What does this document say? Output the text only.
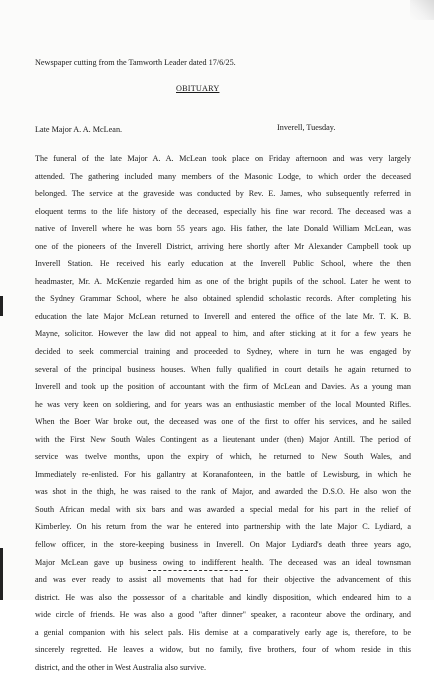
Newspaper cutting from the Tamworth Leader dated 17/6/25.
OBITUARY
Late Major A. A. McLean.	Inverell, Tuesday.
The funeral of the late Major A. A. McLean took place on Friday afternoon and was very largely
attended. The gathering included many members of the Masonic Lodge, to which order the deceased
belonged. The service at the graveside was conducted by Rev. E. James, who subsequently referred in
eloquent terms to the life history of the deceased, especially his fine war record. The deceased was a
native of Inverell where he was born 55 years ago. His father, the late Donald William McLean, was
one of the pioneers of the Inverell District, arriving here shortly after Mr Alexander Campbell took up
Inverell Station. He received his early education at the Inverell Public School, where the then
headmaster, Mr. A. McKenzie regarded him as one of the bright pupils of the school. Later he went to
the Sydney Grammar School, where he also obtained splendid scholastic records. After completing his
education the late Major McLean returned to Inverell and entered the office of the late Mr. T. K. B.
Mayne, solicitor. However the law did not appeal to him, and after sticking at it for a few years he
decided to seek commercial training and proceeded to Sydney, where in turn he was engaged by
several of the principal business houses. When fully qualified in court details he again returned to
Inverell and took up the position of accountant with the firm of McLean and Davies. As a young man
he was very keen on soldiering, and for years was an enthusiastic member of the local Mounted Rifles.
When the Boer War broke out, the deceased was one of the first to offer his services, and he sailed
with the First New South Wales Contingent as a lieutenant under (then) Major Antill. The period of
service was twelve months, upon the expiry of which, he returned to New South Wales, and
Immediately re-enlisted. For his gallantry at Koranafonteen, in the battle of Lewisburg, in which he
was shot in the thigh, he was raised to the rank of Major, and awarded the D.S.O. He also won the
South African medal with six bars and was awarded a special medal for his part in the relief of
Kimberley. On his return from the war he entered into partnership with the late Major C. Lydiard, a
fellow officer, in the store-keeping business in Inverell. On Major Lydiard's death three years ago,
Major McLean gave up business owing to indifferent health. The deceased was an ideal townsman
and was ever ready to assist all movements that had for their objective the advancement of this
district. He was also the possessor of a charitable and kindly disposition, which endeared him to a
wide circle of friends. He was also a good "after dinner" speaker, a raconteur above the ordinary, and
a genial companion with his select pals. His demise at a comparatively early age is, therefore, to be
sincerely regretted. He leaves a widow, but no family, five brothers, four of whom reside in this
district, and the other in West Australia also survive.
